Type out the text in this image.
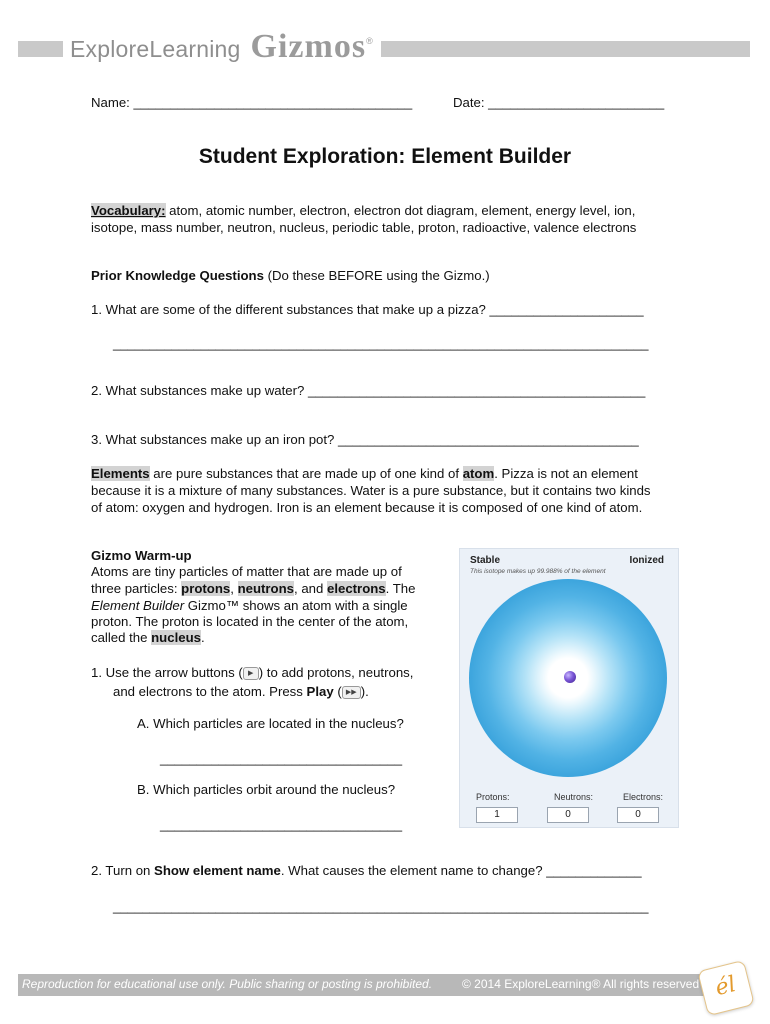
ExploreLearning Gizmos ®
Name: ______________________________________	Date: ________________________
Student Exploration: Element Builder
Vocabulary: atom, atomic number, electron, electron dot diagram, element, energy level, ion,
isotope, mass number, neutron, nucleus, periodic table, proton, radioactive, valence electrons
Prior Knowledge Questions (Do these BEFORE using the Gizmo.)
1. What are some of the different substances that make up a pizza? _____________________
_________________________________________________________________________
2. What substances make up water? ______________________________________________
3. What substances make up an iron pot? _________________________________________
Elements are pure substances that are made up of one kind of atom. Pizza is not an element
because it is a mixture of many substances. Water is a pure substance, but it contains two kinds
of atom: oxygen and hydrogen. Iron is an element because it is composed of one kind of atom.
Gizmo Warm-up
Atoms are tiny particles of matter that are made up of
three particles: protons, neutrons, and electrons. The
Element Builder Gizmo™ shows an atom with a single
proton. The proton is located in the center of the atom,
called the nucleus.
1. Use the arrow buttons ( ▶ ) to add protons, neutrons,
and electrons to the atom. Press Play ( ▶▶ ).
A. Which particles are located in the nucleus?
_________________________________
B. Which particles orbit around the nucleus?
_________________________________
2. Turn on Show element name. What causes the element name to change? _____________
_________________________________________________________________________
Stable	Ionized
This isotope makes up 99.988% of the element
Protons:	Neutrons:	Electrons:
1	0	0
Reproduction for educational use only. Public sharing or posting is prohibited. © 2014 ExploreLearning® All rights reserved él
